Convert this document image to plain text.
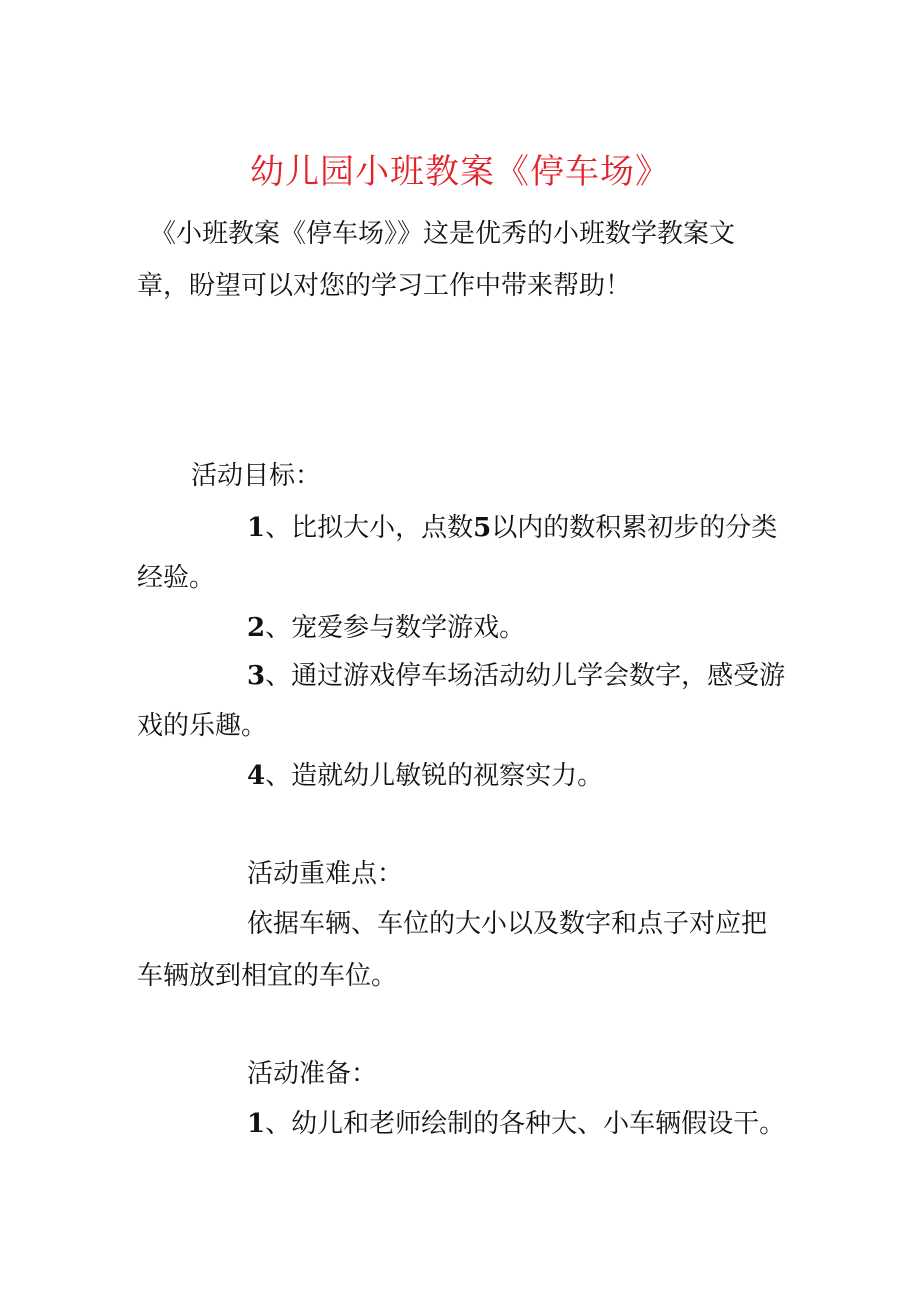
幼儿园小班教案《停车场》
《小班教案《停车场》》这是优秀的小班数学教案文
章，盼望可以对您的学习工作中带来帮助！
活动目标：
1、比拟大小，点数5以内的数积累初步的分类
经验。
2、宠爱参与数学游戏。
3、通过游戏停车场活动幼儿学会数字，感受游
戏的乐趣。
4、造就幼儿敏锐的视察实力。
活动重难点：
依据车辆、车位的大小以及数字和点子对应把
车辆放到相宜的车位。
活动准备：
1、幼儿和老师绘制的各种大、小车辆假设干。
